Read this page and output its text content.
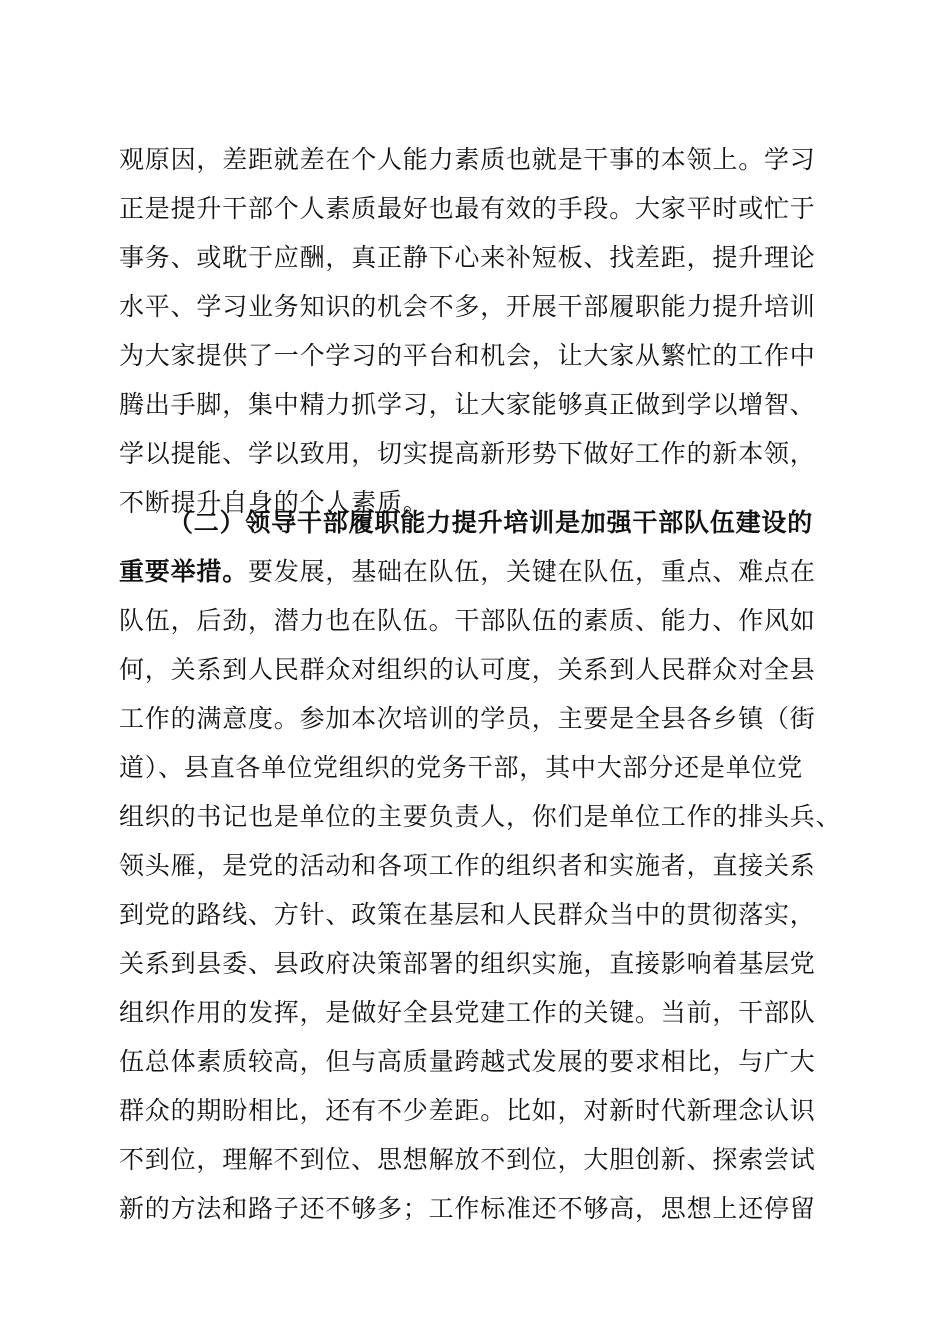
观原因，差距就差在个人能力素质也就是干事的本领上。学习
正是提升干部个人素质最好也最有效的手段。大家平时或忙于
事务、或耽于应酬，真正静下心来补短板、找差距，提升理论
水平、学习业务知识的机会不多，开展干部履职能力提升培训
为大家提供了一个学习的平台和机会，让大家从繁忙的工作中
腾出手脚，集中精力抓学习，让大家能够真正做到学以增智、
学以提能、学以致用，切实提高新形势下做好工作的新本领，
不断提升自身的个人素质。
（二）领导干部履职能力提升培训是加强干部队伍建设的
重要举措。要发展，基础在队伍，关键在队伍，重点、难点在
队伍，后劲，潜力也在队伍。干部队伍的素质、能力、作风如
何，关系到人民群众对组织的认可度，关系到人民群众对全县
工作的满意度。参加本次培训的学员，主要是全县各乡镇（街
道）、县直各单位党组织的党务干部，其中大部分还是单位党
组织的书记也是单位的主要负责人，你们是单位工作的排头兵、
领头雁，是党的活动和各项工作的组织者和实施者，直接关系
到党的路线、方针、政策在基层和人民群众当中的贯彻落实，
关系到县委、县政府决策部署的组织实施，直接影响着基层党
组织作用的发挥，是做好全县党建工作的关键。当前，干部队
伍总体素质较高，但与高质量跨越式发展的要求相比，与广大
群众的期盼相比，还有不少差距。比如，对新时代新理念认识
不到位，理解不到位、思想解放不到位，大胆创新、探索尝试
新的方法和路子还不够多；工作标准还不够高，思想上还停留
